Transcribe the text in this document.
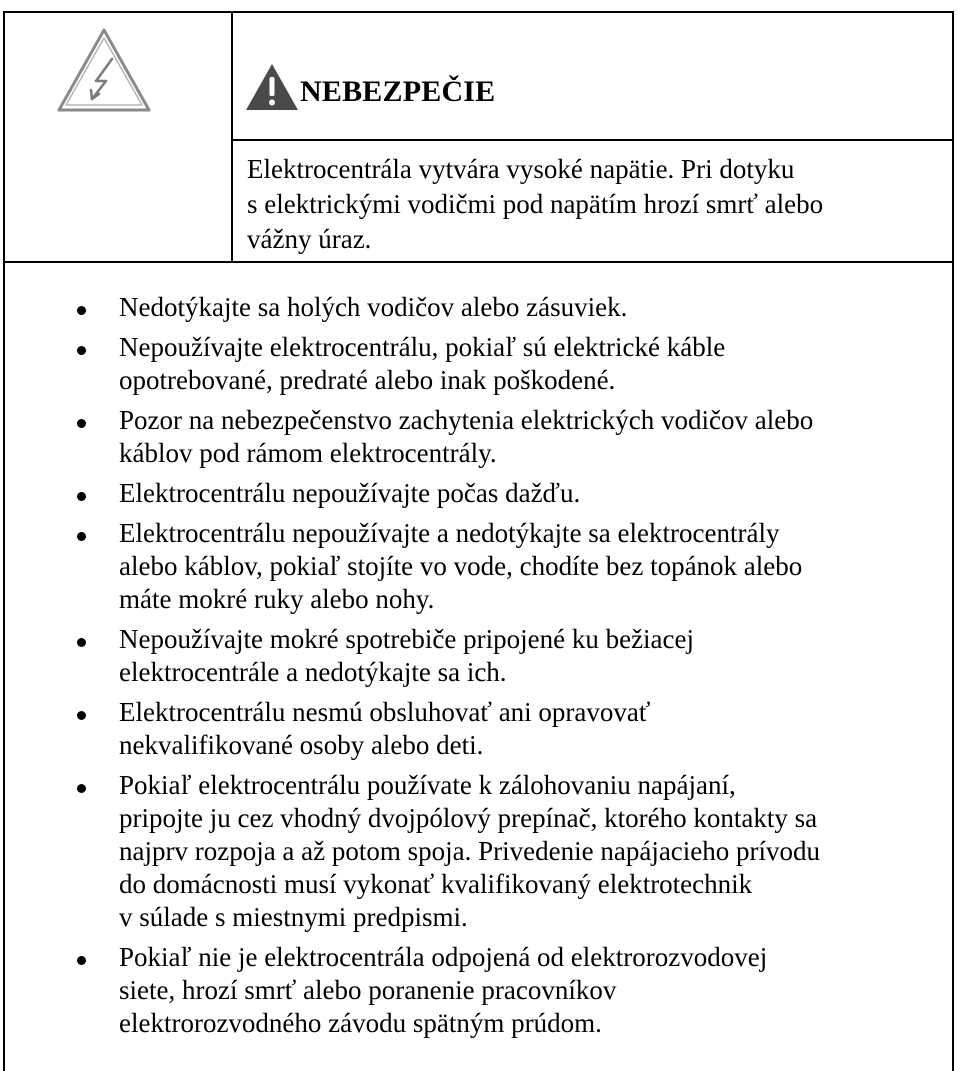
NEBEZPEČIE
Elektrocentrála vytvára vysoké napätie. Pri dotyku
s elektrickými vodičmi pod napätím hrozí smrť alebo
vážny úraz.
Nedotýkajte sa holých vodičov alebo zásuviek.
Nepoužívajte elektrocentrálu, pokiaľ sú elektrické káble
opotrebované, predraté alebo inak poškodené.
Pozor na nebezpečenstvo zachytenia elektrických vodičov alebo
káblov pod rámom elektrocentrály.
Elektrocentrálu nepoužívajte počas dažďu.
Elektrocentrálu nepoužívajte a nedotýkajte sa elektrocentrály
alebo káblov, pokiaľ stojíte vo vode, chodíte bez topánok alebo
máte mokré ruky alebo nohy.
Nepoužívajte mokré spotrebiče pripojené ku bežiacej
elektrocentrále a nedotýkajte sa ich.
Elektrocentrálu nesmú obsluhovať ani opravovať
nekvalifikované osoby alebo deti.
Pokiaľ elektrocentrálu používate k zálohovaniu napájaní,
pripojte ju cez vhodný dvojpólový prepínač, ktorého kontakty sa
najprv rozpoja a až potom spoja. Privedenie napájacieho prívodu
do domácnosti musí vykonať kvalifikovaný elektrotechnik
v súlade s miestnymi predpismi.
Pokiaľ nie je elektrocentrála odpojená od elektrorozvodovej
siete, hrozí smrť alebo poranenie pracovníkov
elektrorozvodného závodu spätným prúdom.
